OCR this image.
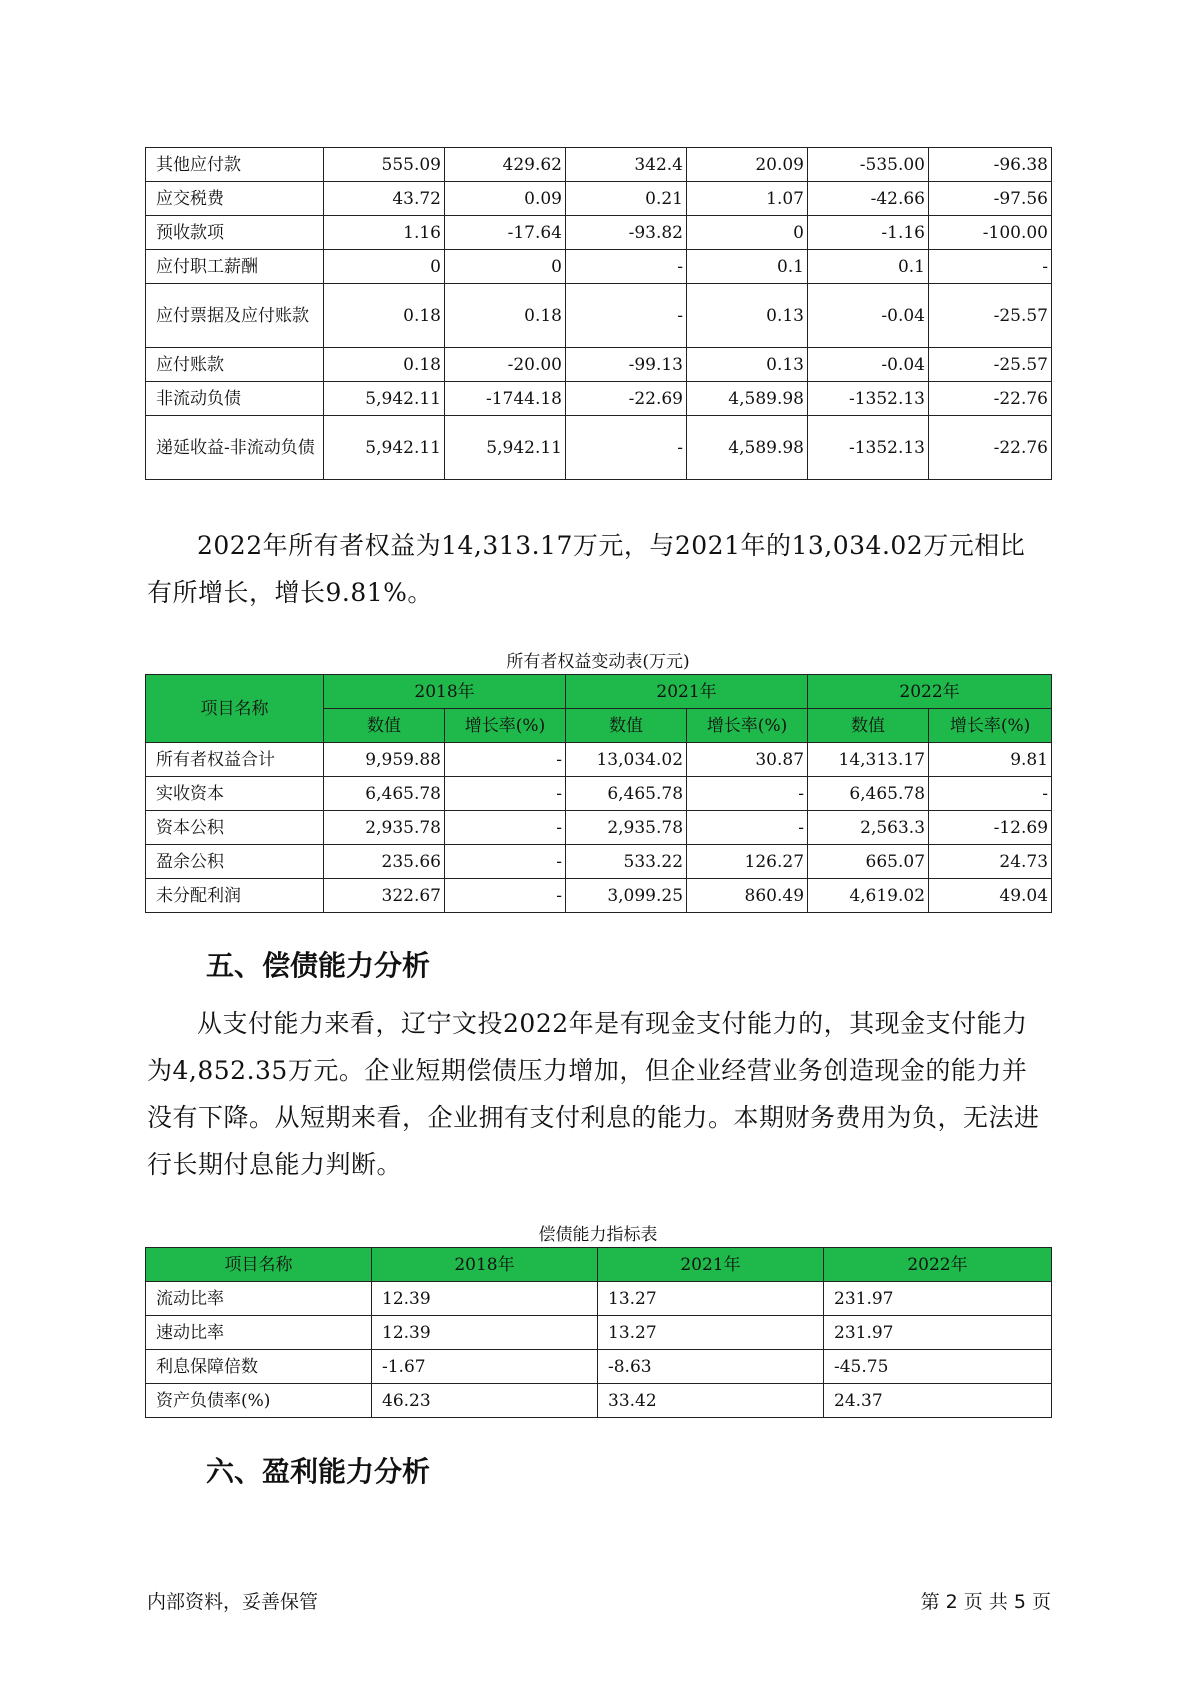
其他应付款	555.09	429.62	342.4	20.09	-535.00	-96.38
应交税费	43.72	0.09	0.21	1.07	-42.66	-97.56
预收款项	1.16	-17.64	-93.82	0	-1.16	-100.00
应付职工薪酬	0	0	-	0.1	0.1	-
应付票据及应付账款	0.18	0.18	-	0.13	-0.04	-25.57
应付账款	0.18	-20.00	-99.13	0.13	-0.04	-25.57
非流动负债	5,942.11	-1744.18	-22.69	4,589.98	-1352.13	-22.76
递延收益-非流动负债	5,942.11	5,942.11	-	4,589.98	-1352.13	-22.76

2022年所有者权益为14,313.17万元，与2021年的13,034.02万元相比有所增长，增长9.81%。

所有者权益变动表(万元)
项目名称	2018年		2021年		2022年	
	数值	增长率(%)	数值	增长率(%)	数值	增长率(%)
所有者权益合计	9,959.88	-	13,034.02	30.87	14,313.17	9.81
实收资本	6,465.78	-	6,465.78	-	6,465.78	-
资本公积	2,935.78	-	2,935.78	-	2,563.3	-12.69
盈余公积	235.66	-	533.22	126.27	665.07	24.73
未分配利润	322.67	-	3,099.25	860.49	4,619.02	49.04
五、偿债能力分析

从支付能力来看，辽宁文投2022年是有现金支付能力的，其现金支付能力为4,852.35万元。企业短期偿债压力增加，但企业经营业务创造现金的能力并没有下降。从短期来看，企业拥有支付利息的能力。本期财务费用为负，无法进行长期付息能力判断。

偿债能力指标表
项目名称	2018年	2021年	2022年
流动比率	12.39	13.27	231.97
速动比率	12.39	13.27	231.97
利息保障倍数	-1.67	-8.63	-45.75
资产负债率(%)	46.23	33.42	24.37
六、盈利能力分析
内部资料，妥善保管	第 2 页 共 5 页
